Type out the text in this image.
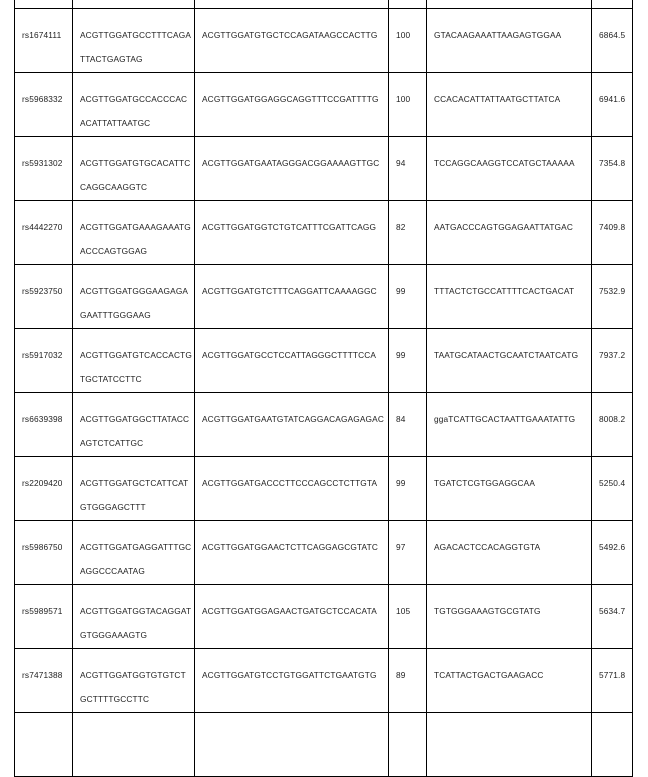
rs1674111	ACGTTGGATGCCTTTCAGATTACTGAGTAG	ACGTTGGATGTGCTCCAGATAAGCCACTTG	100	GTACAAGAAATTAAGAGTGGAA	6864.5

rs5968332	ACGTTGGATGCCACCCACACATTATTAATGC	ACGTTGGATGGAGGCAGGTTTCCGATTTTG	100	CCACACATTATTAATGCTTATCA	6941.6

rs5931302	ACGTTGGATGTGCACATTCCAGGCAAGGTC	ACGTTGGATGAATAGGGACGGAAAAGTTGC	94	TCCAGGCAAGGTCCATGCTAAAAA	7354.8

rs4442270	ACGTTGGATGAAAGAAATGACCCAGTGGAG	ACGTTGGATGGTCTGTCATTTCGATTCAGG	82	AATGACCCAGTGGAGAATTATGAC	7409.8

rs5923750	ACGTTGGATGGGAAGAGAGAATTTGGGAAG	ACGTTGGATGTCTTTCAGGATTCAAAAGGC	99	TTTACTCTGCCATTTTCACTGACAT	7532.9

rs5917032	ACGTTGGATGTCACCACTGTGCTATCCTTC	ACGTTGGATGCCTCCATTAGGGCTTTTCCA	99	TAATGCATAACTGCAATCTAATCATG	7937.2

rs6639398	ACGTTGGATGGCTTATACCAGTCTCATTGC	ACGTTGGATGAATGTATCAGGACAGAGAGAC	84	ggaTCATTGCACTAATTGAAATATTG	8008.2

rs2209420	ACGTTGGATGCTCATTCATGTGGGAGCTTT	ACGTTGGATGACCCTTCCCAGCCTCTTGTA	99	TGATCTCGTGGAGGCAA	5250.4

rs5986750	ACGTTGGATGAGGATTTGCAGGCCCAATAG	ACGTTGGATGGAACTCTTCAGGAGCGTATC	97	AGACACTCCACAGGTGTA	5492.6

rs5989571	ACGTTGGATGGTACAGGATGTGGGAAAGTG	ACGTTGGATGGAGAACTGATGCTCCACATA	105	TGTGGGAAAGTGCGTATG	5634.7

rs7471388	ACGTTGGATGGTGTGTCTGCTTTTGCCTTC	ACGTTGGATGTCCTGTGGATTCTGAATGTG	89	TCATTACTGACTGAAGACC	5771.8
